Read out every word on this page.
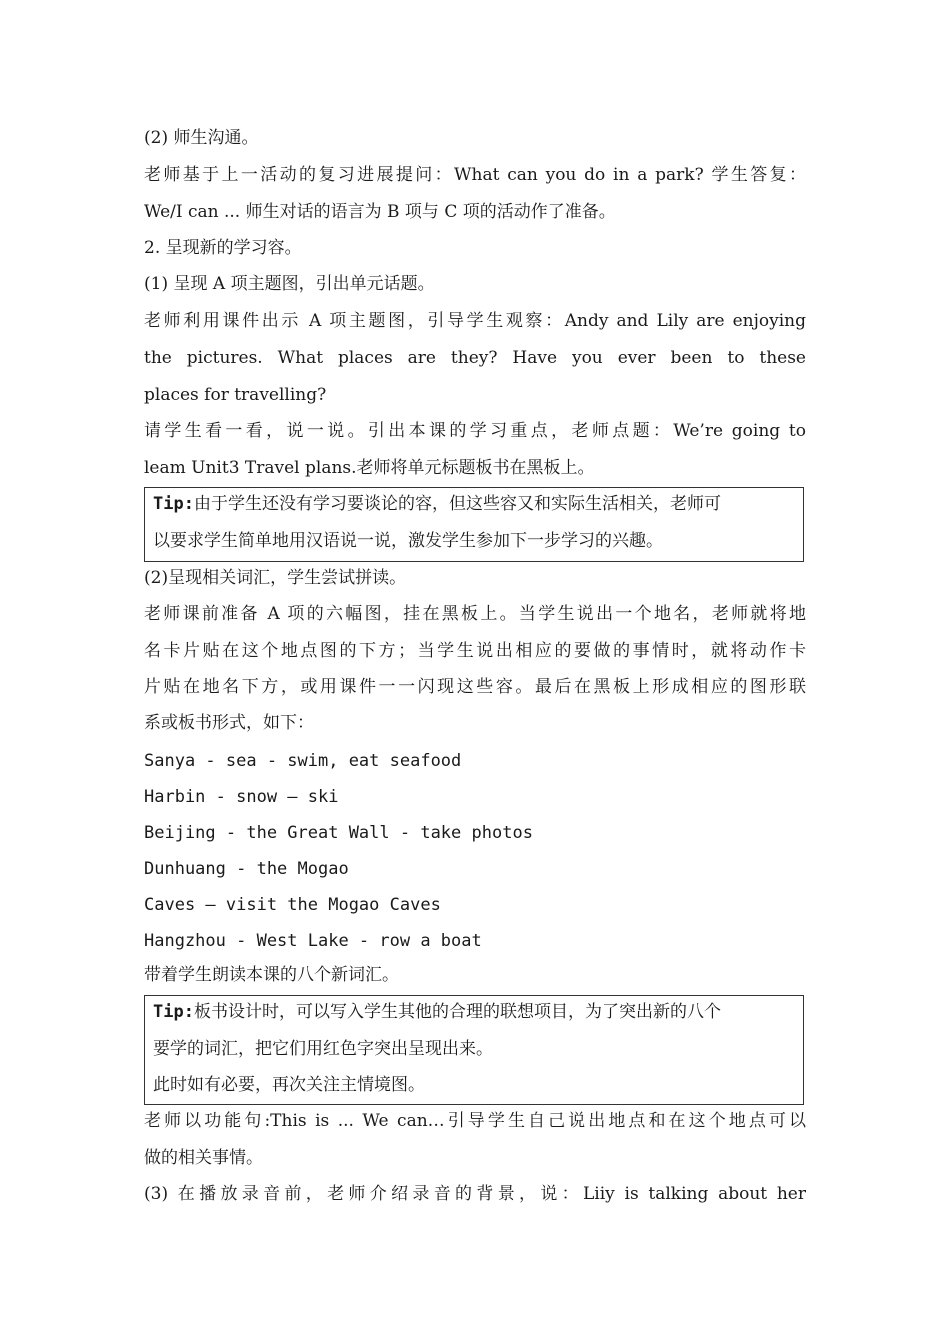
(2) 师生沟通。
老师基于上一活动的复习进展提问：What can you do in a park? 学生答复：
We/I can ... 师生对话的语言为 B 项与 C 项的活动作了准备。
2. 呈现新的学习容。
(1) 呈现 A 项主题图，引出单元话题。
老师利用课件出示 A 项主题图，引导学生观察：Andy and Lily are enjoying
the pictures. What places are they? Have you ever been to these
places for travelling?
请学生看一看，说一说。引出本课的学习重点，老师点题：We’re going to
leam Unit3 Travel plans.老师将单元标题板书在黑板上。
Tip:由于学生还没有学习要谈论的容，但这些容又和实际生活相关，老师可
以要求学生简单地用汉语说一说，激发学生参加下一步学习的兴趣。
(2)呈现相关词汇，学生尝试拼读。
老师课前准备 A 项的六幅图，挂在黑板上。当学生说出一个地名，老师就将地
名卡片贴在这个地点图的下方；当学生说出相应的要做的事情时，就将动作卡
片贴在地名下方，或用课件一一闪现这些容。最后在黑板上形成相应的图形联
系或板书形式，如下：
Sanya - sea - swim, eat seafood
Harbin - snow — ski
Beijing - the Great Wall - take photos
Dunhuang - the Mogao
Caves — visit the Mogao Caves
Hangzhou - West Lake - row a boat
带着学生朗读本课的八个新词汇。
Tip:板书设计时，可以写入学生其他的合理的联想项目，为了突出新的八个
要学的词汇，把它们用红色字突出呈现出来。
此时如有必要，再次关注主情境图。
老师以功能句:This is ... We can…引导学生自己说出地点和在这个地点可以
做的相关事情。
(3) 在播放录音前，老师介绍录音的背景，说：Liiy is talking about her
